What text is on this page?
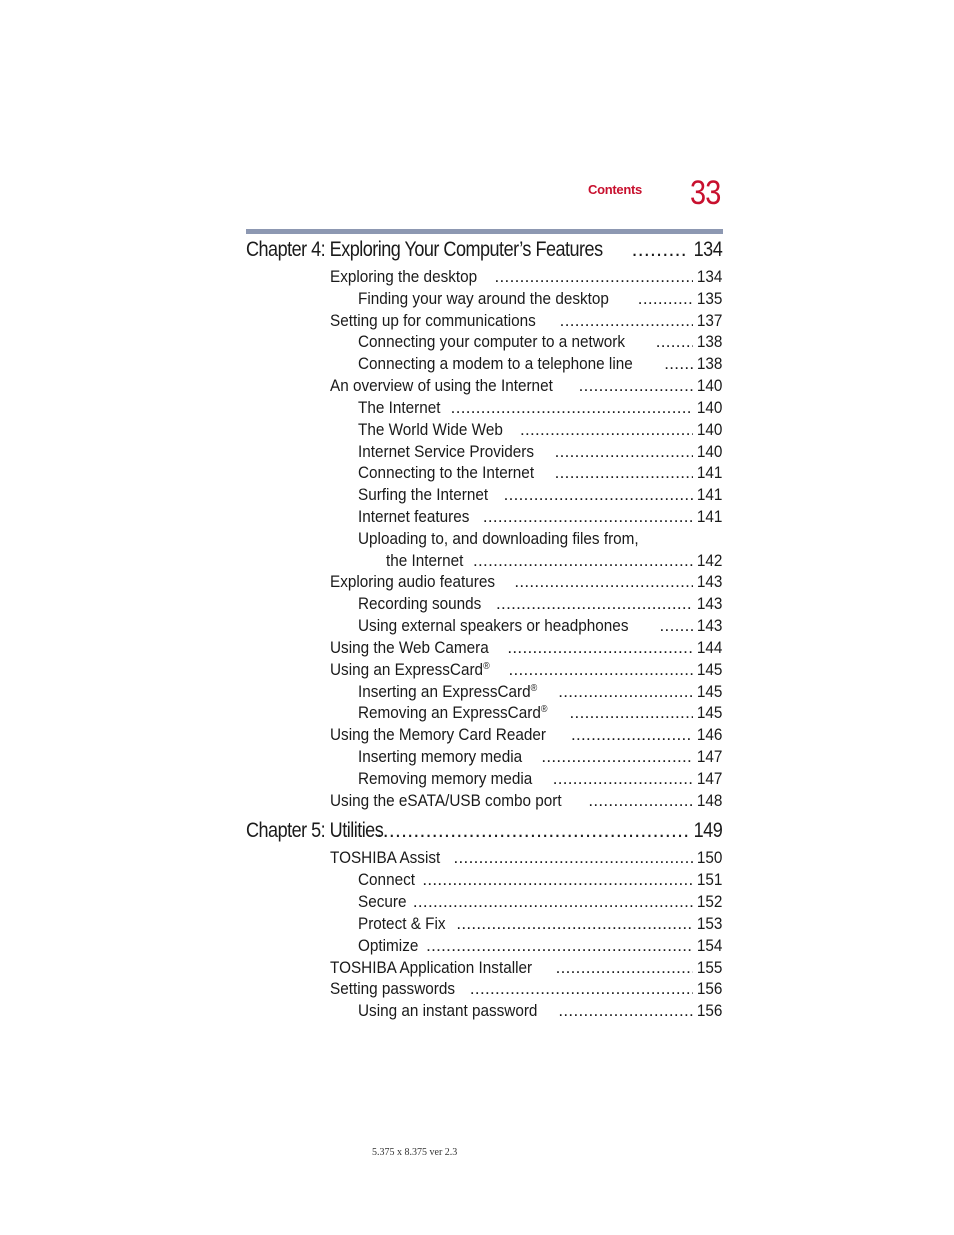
Contents 33
Chapter 4: Exploring Your Computer’s Features .....	134
Exploring the desktop .....	134
Finding your way around the desktop .....	135
Setting up for communications .....	137
Connecting your computer to a network .....	138
Connecting a modem to a telephone line .....	138
An overview of using the Internet .....	140
The Internet .....	140
The World Wide Web .....	140
Internet Service Providers .....	140
Connecting to the Internet .....	141
Surfing the Internet .....	141
Internet features .....	141
Uploading to, and downloading files from,
the Internet .....	142
Exploring audio features .....	143
Recording sounds .....	143
Using external speakers or headphones .....	143
Using the Web Camera .....	144
Using an ExpressCard® .....	145
Inserting an ExpressCard® .....	145
Removing an ExpressCard® .....	145
Using the Memory Card Reader .....	146
Inserting memory media .....	147
Removing memory media .....	147
Using the eSATA/USB combo port .....	148
Chapter 5: Utilities .....	149
TOSHIBA Assist .....	150
Connect .....	151
Secure .....	152
Protect & Fix .....	153
Optimize .....	154
TOSHIBA Application Installer .....	155
Setting passwords .....	156
Using an instant password .....	156
5.375 x 8.375 ver 2.3
